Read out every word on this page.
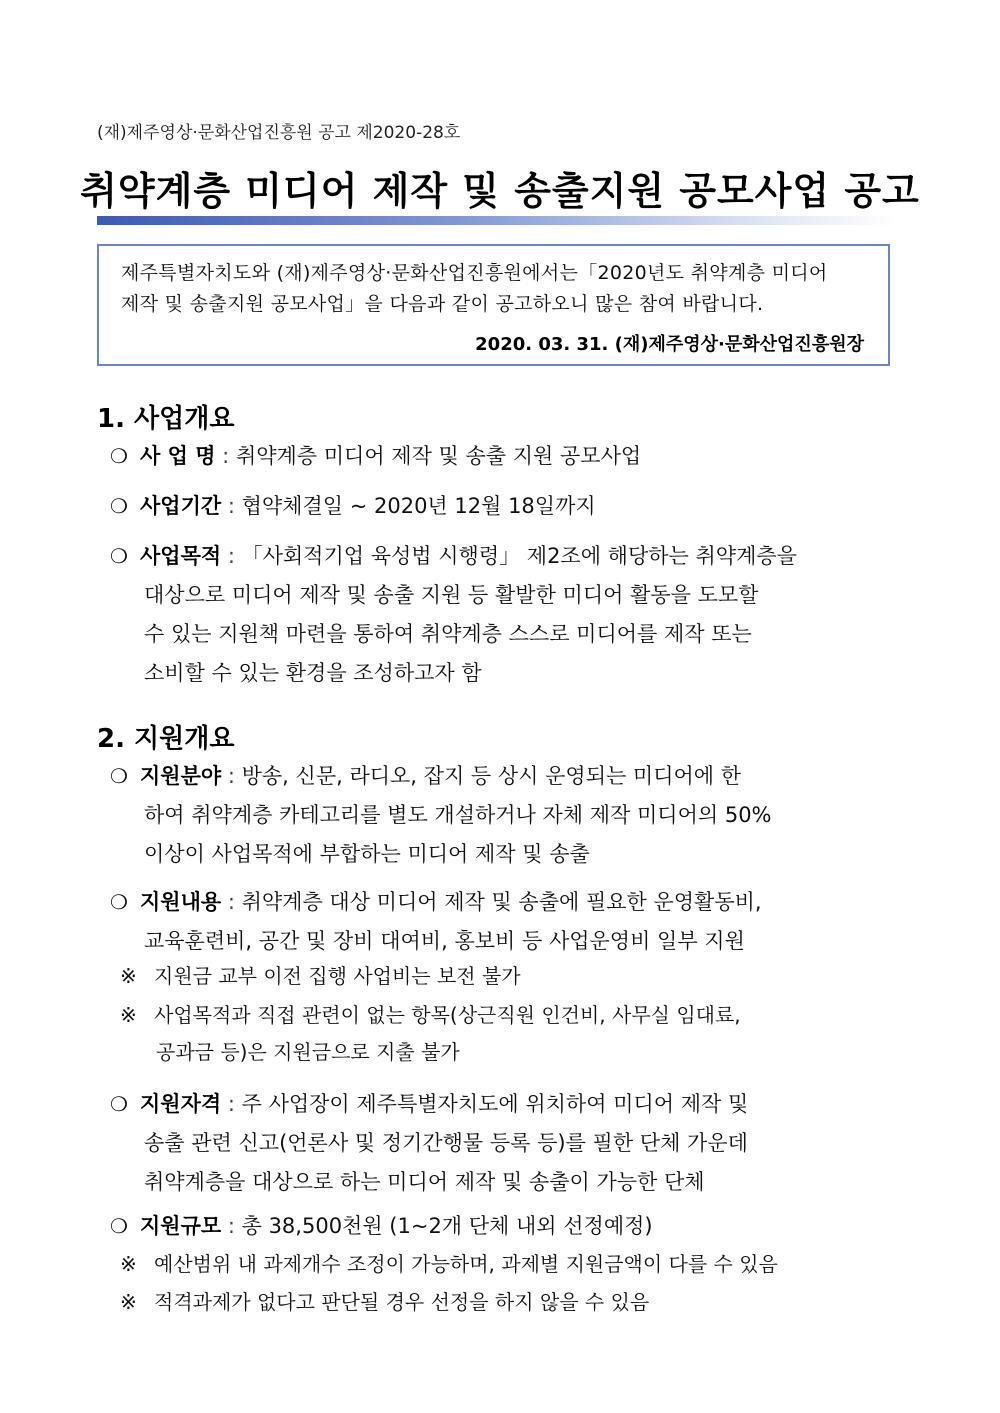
(재)제주영상·문화산업진흥원 공고 제2020-28호
취약계층 미디어 제작 및 송출지원 공모사업 공고
제주특별자치도와 (재)제주영상·문화산업진흥원에서는「2020년도 취약계층 미디어
제작 및 송출지원 공모사업」을 다음과 같이 공고하오니 많은 참여 바랍니다.
2020. 03. 31. (재)제주영상·문화산업진흥원장
1. 사업개요
❍ 사 업 명 : 취약계층 미디어 제작 및 송출 지원 공모사업
❍ 사업기간 : 협약체결일 ~ 2020년 12월 18일까지
❍ 사업목적 : 「사회적기업 육성법 시행령」 제2조에 해당하는 취약계층을
대상으로 미디어 제작 및 송출 지원 등 활발한 미디어 활동을 도모할
수 있는 지원책 마련을 통하여 취약계층 스스로 미디어를 제작 또는
소비할 수 있는 환경을 조성하고자 함
2. 지원개요
❍ 지원분야 : 방송, 신문, 라디오, 잡지 등 상시 운영되는 미디어에 한
하여 취약계층 카테고리를 별도 개설하거나 자체 제작 미디어의 50%
이상이 사업목적에 부합하는 미디어 제작 및 송출
❍ 지원내용 : 취약계층 대상 미디어 제작 및 송출에 필요한 운영활동비,
교육훈련비, 공간 및 장비 대여비, 홍보비 등 사업운영비 일부 지원
※ 지원금 교부 이전 집행 사업비는 보전 불가
※ 사업목적과 직접 관련이 없는 항목(상근직원 인건비, 사무실 임대료,
공과금 등)은 지원금으로 지출 불가
❍ 지원자격 : 주 사업장이 제주특별자치도에 위치하여 미디어 제작 및
송출 관련 신고(언론사 및 정기간행물 등록 등)를 필한 단체 가운데
취약계층을 대상으로 하는 미디어 제작 및 송출이 가능한 단체
❍ 지원규모 : 총 38,500천원 (1~2개 단체 내외 선정예정)
※ 예산범위 내 과제개수 조정이 가능하며, 과제별 지원금액이 다를 수 있음
※ 적격과제가 없다고 판단될 경우 선정을 하지 않을 수 있음
